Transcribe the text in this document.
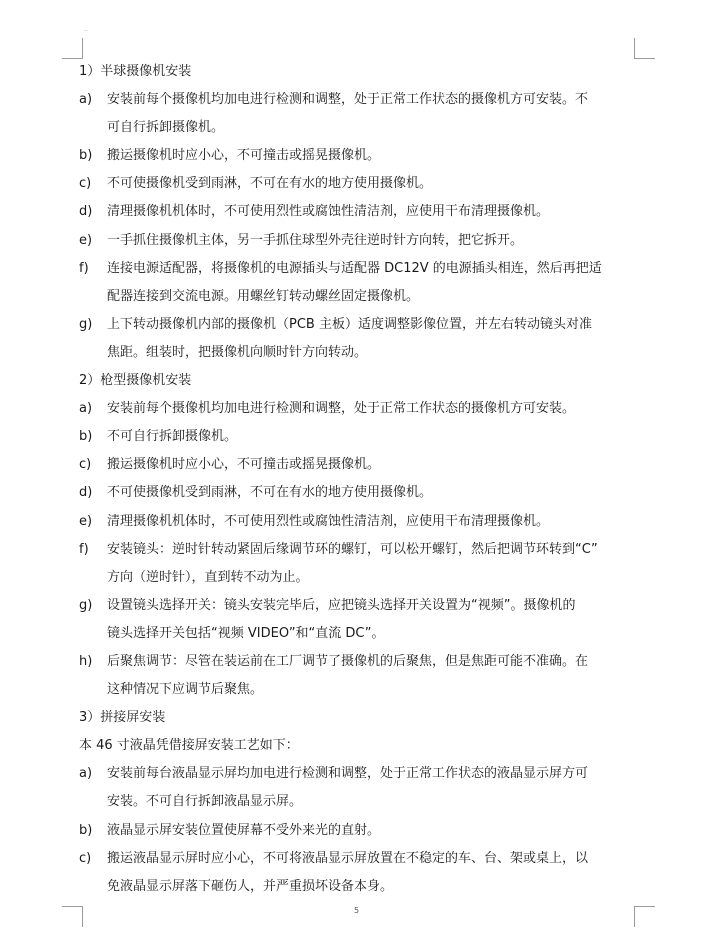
..
1）半球摄像机安装
a)	安装前每个摄像机均加电进行检测和调整，处于正常工作状态的摄像机方可安装。不
可自行拆卸摄像机。
b)	搬运摄像机时应小心，不可撞击或摇晃摄像机。
c)	不可使摄像机受到雨淋，不可在有水的地方使用摄像机。
d)	清理摄像机机体时，不可使用烈性或腐蚀性清洁剂，应使用干布清理摄像机。
e)	一手抓住摄像机主体，另一手抓住球型外壳往逆时针方向转，把它拆开。
f)	连接电源适配器，将摄像机的电源插头与适配器 DC12V 的电源插头相连，然后再把适
配器连接到交流电源。用螺丝钉转动螺丝固定摄像机。
g)	上下转动摄像机内部的摄像机（PCB 主板）适度调整影像位置，并左右转动镜头对准
焦距。组装时，把摄像机向顺时针方向转动。
2）枪型摄像机安装
a)	安装前每个摄像机均加电进行检测和调整，处于正常工作状态的摄像机方可安装。
b)	不可自行拆卸摄像机。
c)	搬运摄像机时应小心，不可撞击或摇晃摄像机。
d)	不可使摄像机受到雨淋，不可在有水的地方使用摄像机。
e)	清理摄像机机体时，不可使用烈性或腐蚀性清洁剂，应使用干布清理摄像机。
f)	安装镜头：逆时针转动紧固后缘调节环的螺钉，可以松开螺钉，然后把调节环转到“C”
方向（逆时针），直到转不动为止。
g)	设置镜头选择开关：镜头安装完毕后，应把镜头选择开关设置为“视频”。摄像机的
镜头选择开关包括“视频 VIDEO”和“直流 DC”。
h)	后聚焦调节：尽管在装运前在工厂调节了摄像机的后聚焦，但是焦距可能不准确。在
这种情况下应调节后聚焦。
3）拼接屏安装
本 46 寸液晶凭借接屏安装工艺如下：
a)	安装前每台液晶显示屏均加电进行检测和调整，处于正常工作状态的液晶显示屏方可
安装。不可自行拆卸液晶显示屏。
b)	液晶显示屏安装位置使屏幕不受外来光的直射。
c)	搬运液晶显示屏时应小心，不可将液晶显示屏放置在不稳定的车、台、架或桌上，以
免液晶显示屏落下砸伤人，并严重损坏设备本身。
5
